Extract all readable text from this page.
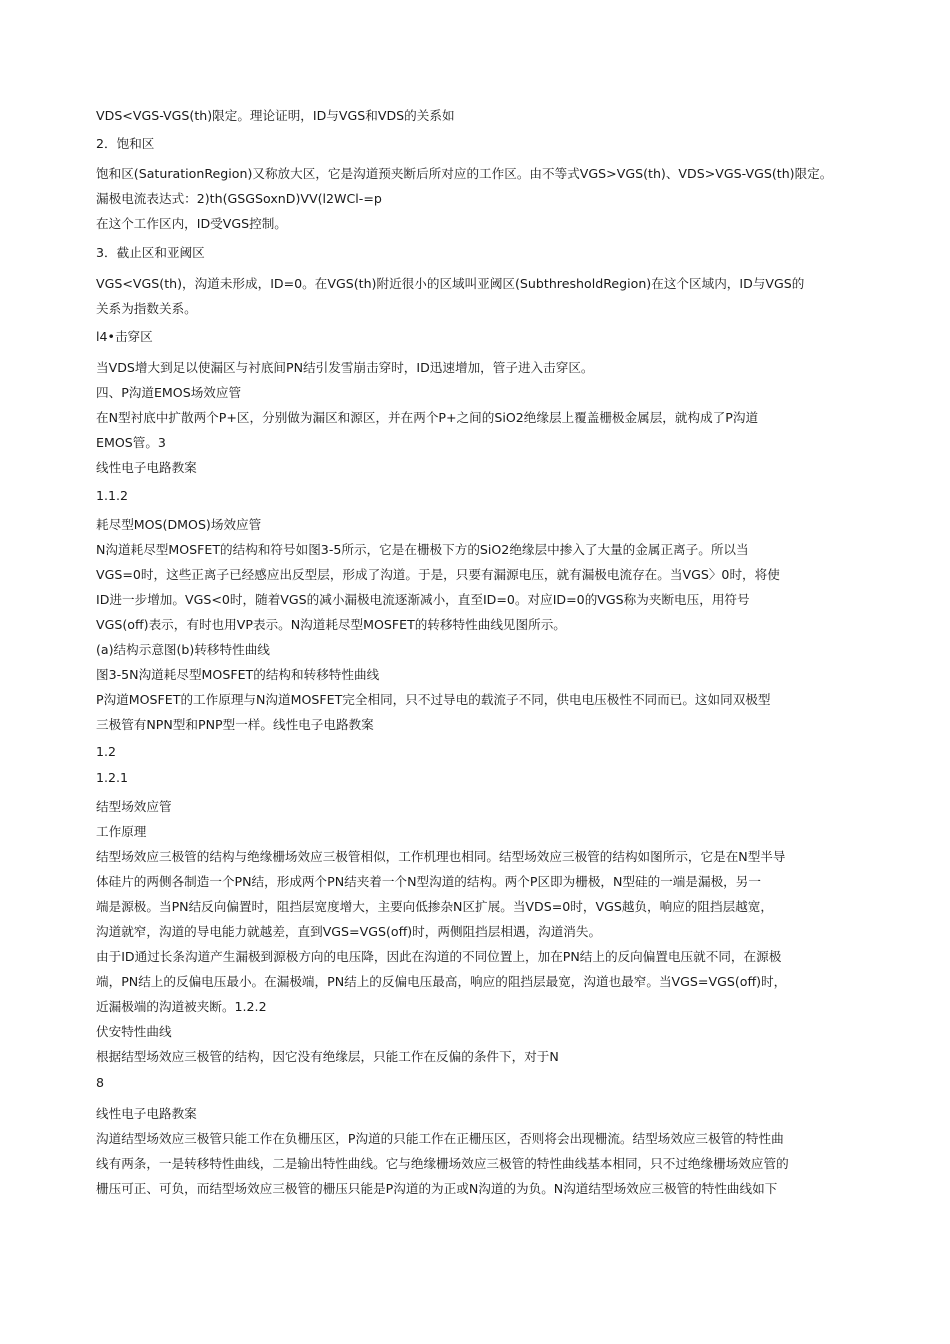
VDS<VGS-VGS(th)限定。理论证明，ID与VGS和VDS的关系如
2．饱和区
饱和区(SaturationRegion)又称放大区，它是沟道预夹断后所对应的工作区。由不等式VGS>VGS(th)、VDS>VGS-VGS(th)限定。
漏极电流表达式：2)th(GSGSoxnD)VV(l2WCl-=p
在这个工作区内，ID受VGS控制。
3．截止区和亚阈区
VGS<VGS(th)，沟道未形成，ID=0。在VGS(th)附近很小的区域叫亚阈区(SubthresholdRegion)在这个区域内，ID与VGS的
关系为指数关系。
l4•击穿区
当VDS增大到足以使漏区与衬底间PN结引发雪崩击穿时，ID迅速增加，管子进入击穿区。
四、P沟道EMOS场效应管
在N型衬底中扩散两个P+区，分别做为漏区和源区，并在两个P+之间的SiO2绝缘层上覆盖栅极金属层，就构成了P沟道
EMOS管。3
线性电子电路教案
1.1.2
耗尽型MOS(DMOS)场效应管
N沟道耗尽型MOSFET的结构和符号如图3-5所示，它是在栅极下方的SiO2绝缘层中掺入了大量的金属正离子。所以当
VGS=0时，这些正离子已经感应出反型层，形成了沟道。于是，只要有漏源电压，就有漏极电流存在。当VGS〉0时，将使
ID进一步增加。VGS<0时，随着VGS的减小漏极电流逐渐减小，直至ID=0。对应ID=0的VGS称为夹断电压，用符号
VGS(off)表示，有时也用VP表示。N沟道耗尽型MOSFET的转移特性曲线见图所示。
(a)结构示意图(b)转移特性曲线
图3-5N沟道耗尽型MOSFET的结构和转移特性曲线
P沟道MOSFET的工作原理与N沟道MOSFET完全相同，只不过导电的载流子不同，供电电压极性不同而已。这如同双极型
三极管有NPN型和PNP型一样。线性电子电路教案
1.2
1.2.1
结型场效应管
工作原理
结型场效应三极管的结构与绝缘栅场效应三极管相似，工作机理也相同。结型场效应三极管的结构如图所示，它是在N型半导
体硅片的两侧各制造一个PN结，形成两个PN结夹着一个N型沟道的结构。两个P区即为栅极，N型硅的一端是漏极，另一
端是源极。当PN结反向偏置时，阻挡层宽度增大，主要向低掺杂N区扩展。当VDS=0时，VGS越负，响应的阻挡层越宽，
沟道就窄，沟道的导电能力就越差，直到VGS=VGS(off)时，两侧阻挡层相遇，沟道消失。
由于ID通过长条沟道产生漏极到源极方向的电压降，因此在沟道的不同位置上，加在PN结上的反向偏置电压就不同，在源极
端，PN结上的反偏电压最小。在漏极端，PN结上的反偏电压最高，响应的阻挡层最宽，沟道也最窄。当VGS=VGS(off)时，
近漏极端的沟道被夹断。1.2.2
伏安特性曲线
根据结型场效应三极管的结构，因它没有绝缘层，只能工作在反偏的条件下，对于N
8
线性电子电路教案
沟道结型场效应三极管只能工作在负栅压区，P沟道的只能工作在正栅压区，否则将会出现栅流。结型场效应三极管的特性曲
线有两条，一是转移特性曲线，二是输出特性曲线。它与绝缘栅场效应三极管的特性曲线基本相同，只不过绝缘栅场效应管的
栅压可正、可负，而结型场效应三极管的栅压只能是P沟道的为正或N沟道的为负。N沟道结型场效应三极管的特性曲线如下
